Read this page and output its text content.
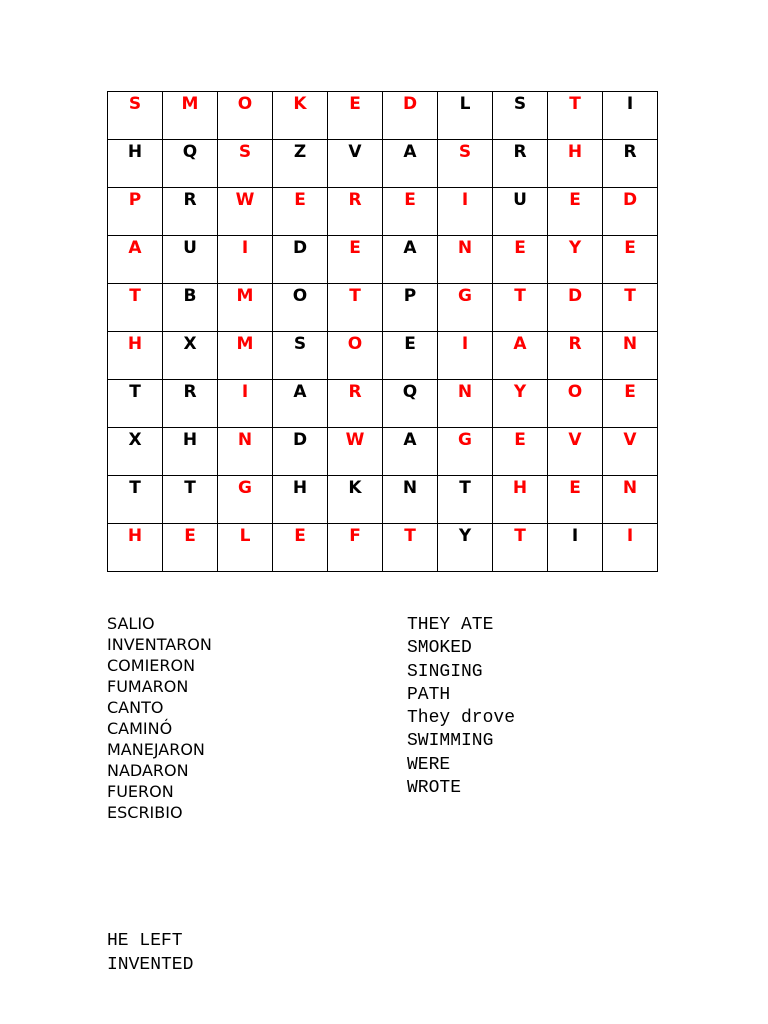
S	M	O	K	E	D	L	S	T	I
H	Q	S	Z	V	A	S	R	H	R
P	R	W	E	R	E	I	U	E	D
A	U	I	D	E	A	N	E	Y	E
T	B	M	O	T	P	G	T	D	T
H	X	M	S	O	E	I	A	R	N
T	R	I	A	R	Q	N	Y	O	E
X	H	N	D	W	A	G	E	V	V
T	T	G	H	K	N	T	H	E	N
H	E	L	E	F	T	Y	T	I	I
SALIO
INVENTARON
COMIERON
FUMARON
CANTO
CAMINÓ
MANEJARON
NADARON
FUERON
ESCRIBIO
THEY ATE
SMOKED
SINGING
PATH
They drove
SWIMMING
WERE
WROTE
HE LEFT
INVENTED
